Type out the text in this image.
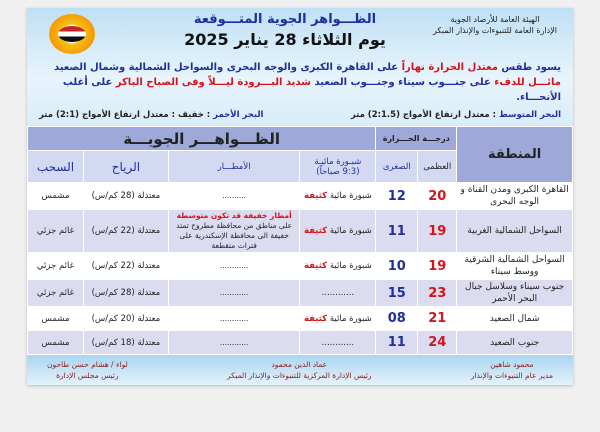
الظـــواهر الجوية المتـــوقعة
يوم الثلاثاء 28 يناير 2025
الهيئة العامة للأرصاد الجوية
الإدارة العامة للتنبوءات والإنذار المبكر
يسود طقس معتدل الحرارة نهاراً على القاهرة الكبرى والوجه البحرى والسواحل الشمالية وشمال الصعيد مائـــل للدفء على جنـــوب سيناء وجنـــوب الصعيد شديد البـــرودة ليـــلاً وفى الصباح الباكر على أغلب الأنحـــاء.
البحر المتوسط : معتدل ارتفاع الأمواج (2:1.5) متر
البحر الأحمر : خفيف : معتدل ارتفاع الأمواج (2:1) متر
المنطقة	درجـــة الحـــرارة		الظـــواهـــر الجويـــة			
	العظمى	الصغرى	شبـورة مائيـة
(9:3 صباحاً)	الأمطـــار	الرياح	السحب
القاهرة الكبرى ومدن القناة و الوجه البحرى	20	12	شبورة مائية كثيفة	..........	معتدلة (28 كم/س)	مشمس
السواحل الشمالية الغربية	19	11	شبورة مائية كثيفة	أمطار خفيفة قد تكون متوسطة
على مناطق من محافظة مطروح تمتد خفيفة الى محافظة الإسكندرية على فترات متقطعة	معتدلة (22 كم/س)	غائم جزئي
السواحل الشمالية الشرقية ووسط سيناء	19	10	شبورة مائية كثيفة	............	معتدلة (22 كم/س)	غائم جزئي
جنوب سيناء وسلاسل جبال البحر الأحمر	23	15	............	............	معتدلة (28 كم/س)	غائم جزئي
شمال الصعيد	21	08	شبورة مائية كثيفة	............	معتدلة (20 كم/س)	مشمس
جنوب الصعيد	24	11	............	............	معتدلة (18 كم/س)	مشمس
محمود شاهين
مدير عام التنبوءات والإنذار
عماد الدين محمود
رئيس الإدارة المركزية للتنبوءات والإنذار المبكر
لواء / هشام حسن طاحون
رئيس مجلس الإدارة
